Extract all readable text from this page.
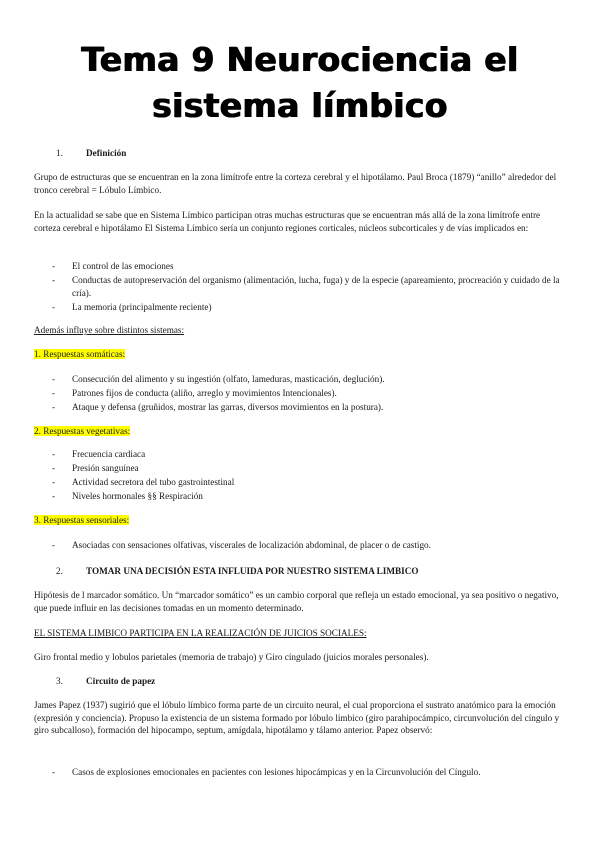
Tema 9 Neurociencia el
sistema límbico
1.	Definición
Grupo de estructuras que se encuentran en la zona limítrofe entre la corteza cerebral y el hipotálamo. Paul Broca (1879) “anillo” alrededor del tronco cerebral = Lóbulo Límbico.
En la actualidad se sabe que en Sistema Límbico participan otras muchas estructuras que se encuentran más allá de la zona limítrofe entre corteza cerebral e hipotálamo El Sistema Límbico sería un conjunto regiones corticales, núcleos subcorticales y de vías implicados en:
- El control de las emociones
- Conductas de autopreservación del organismo (alimentación, lucha, fuga) y de la especie (apareamiento, procreación y cuidado de la cría).
- La memoria (principalmente reciente)
Además influye sobre distintos sistemas:
1. Respuestas somáticas:
- Consecución del alimento y su ingestión (olfato, lameduras, masticación, deglución).
- Patrones fijos de conducta (aliño, arreglo y movimientos Intencionales).
- Ataque y defensa (gruñidos, mostrar las garras, diversos movimientos en la postura).
2. Respuestas vegetativas:
- Frecuencia cardiaca
- Presión sanguínea
- Actividad secretora del tubo gastrointestinal
- Niveles hormonales §§ Respiración
3. Respuestas sensoriales:
- Asociadas con sensaciones olfativas, viscerales de localización abdominal, de placer o de castigo.
2.	TOMAR UNA DECISIÓN ESTA INFLUIDA POR NUESTRO SISTEMA LIMBICO
Hipótesis de l marcador somático. Un “marcador somático” es un cambio corporal que refleja un estado emocional, ya sea positivo o negativo, que puede influir en las decisiones tomadas en un momento determinado.
EL SISTEMA LIMBICO PARTICIPA EN LA REALIZACIÓN DE JUICIOS SOCIALES:
Giro frontal medio y lobulos parietales (memoria de trabajo) y Giro cíngulado (juicios morales personales).
3.	Circuito de papez
James Papez (1937) sugirió que el lóbulo límbico forma parte de un circuito neural, el cual proporciona el sustrato anatómico para la emoción (expresión y conciencia). Propuso la existencia de un sistema formado por lóbulo límbico (giro parahipocámpico, circunvolución del cíngulo y giro subcalloso), formación del hipocampo, septum, amígdala, hipotálamo y tálamo anterior. Papez observó:
- Casos de explosiones emocionales en pacientes con lesiones hipocámpicas y en la Circunvolución del Cíngulo.
